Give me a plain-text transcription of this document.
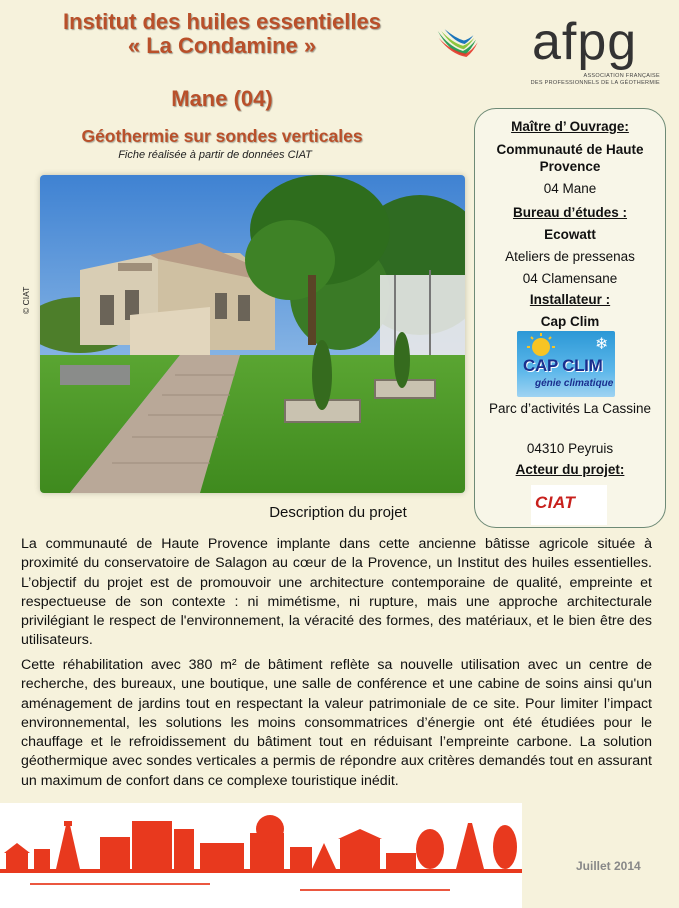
Institut des huiles essentielles
« La Condamine »
Mane (04)
Géothermie sur sondes verticales
Fiche réalisée à partir de données CIAT
afpg
ASSOCIATION FRANÇAISE
DES PROFESSIONNELS DE LA GÉOTHERMIE
© CIAT
Maître d’ Ouvrage:
Communauté de Haute Provence
04 Mane
Bureau d’études :
Ecowatt
Ateliers de pressenas
04 Clamensane
Installateur :
Cap Clim
❄
CAP CLIM
génie climatique
Parc d’activités La Cassine
04310 Peyruis
Acteur du projet:
CIAT
Description du projet
La communauté de Haute Provence implante dans cette ancienne bâtisse agricole située à proximité du conservatoire de Salagon au cœur de la Provence, un Institut des huiles essentielles. L’objectif du projet est de promouvoir une architecture contemporaine de qualité, empreinte et respectueuse de son contexte : ni mimétisme, ni rupture, mais une approche architecturale privilégiant le respect de l'environnement, la véracité des formes, des matériaux, et le bien être des utilisateurs.
Cette réhabilitation avec 380 m² de bâtiment reflète sa nouvelle utilisation avec un centre de recherche, des bureaux, une boutique, une salle de conférence et une cabine de soins ainsi qu'un aménagement de jardins tout en respectant la valeur patrimoniale de ce site. Pour limiter l’impact environnemental, les solutions les moins consommatrices d’énergie ont été étudiées pour le chauffage et le refroidissement du bâtiment tout en réduisant l’empreinte carbone. La solution géothermique avec sondes verticales a permis de répondre aux critères demandés tout en assurant un maximum de confort dans ce complexe touristique inédit.
Juillet 2014
